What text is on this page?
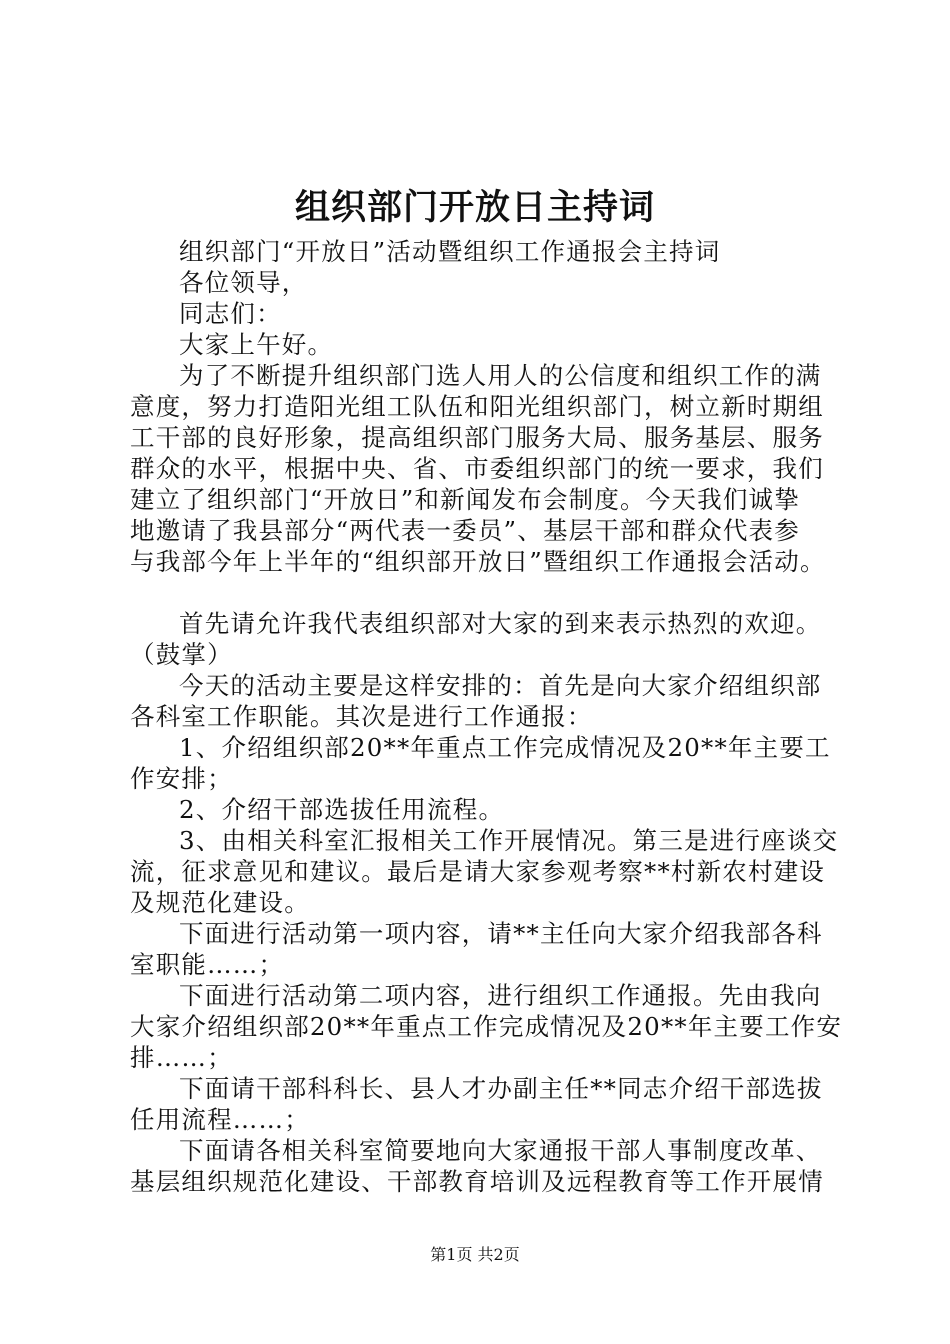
组织部门开放日主持词
组织部门“开放日”活动暨组织工作通报会主持词
各位领导，
同志们：
大家上午好。
为了不断提升组织部门选人用人的公信度和组织工作的满
意度，努力打造阳光组工队伍和阳光组织部门，树立新时期组
工干部的良好形象，提高组织部门服务大局、服务基层、服务
群众的水平，根据中央、省、市委组织部门的统一要求，我们
建立了组织部门“开放日”和新闻发布会制度。今天我们诚挚
地邀请了我县部分“两代表一委员”、基层干部和群众代表参
与我部今年上半年的“组织部开放日”暨组织工作通报会活动。
首先请允许我代表组织部对大家的到来表示热烈的欢迎。
（鼓掌）
今天的活动主要是这样安排的：首先是向大家介绍组织部
各科室工作职能。其次是进行工作通报：
1、介绍组织部20**年重点工作完成情况及20**年主要工
作安排；
2、介绍干部选拔任用流程。
3、由相关科室汇报相关工作开展情况。第三是进行座谈交
流，征求意见和建议。最后是请大家参观考察**村新农村建设
及规范化建设。
下面进行活动第一项内容，请**主任向大家介绍我部各科
室职能……；
下面进行活动第二项内容，进行组织工作通报。先由我向
大家介绍组织部20**年重点工作完成情况及20**年主要工作安
排……；
下面请干部科科长、县人才办副主任**同志介绍干部选拔
任用流程……；
下面请各相关科室简要地向大家通报干部人事制度改革、
基层组织规范化建设、干部教育培训及远程教育等工作开展情
第1页 共2页
